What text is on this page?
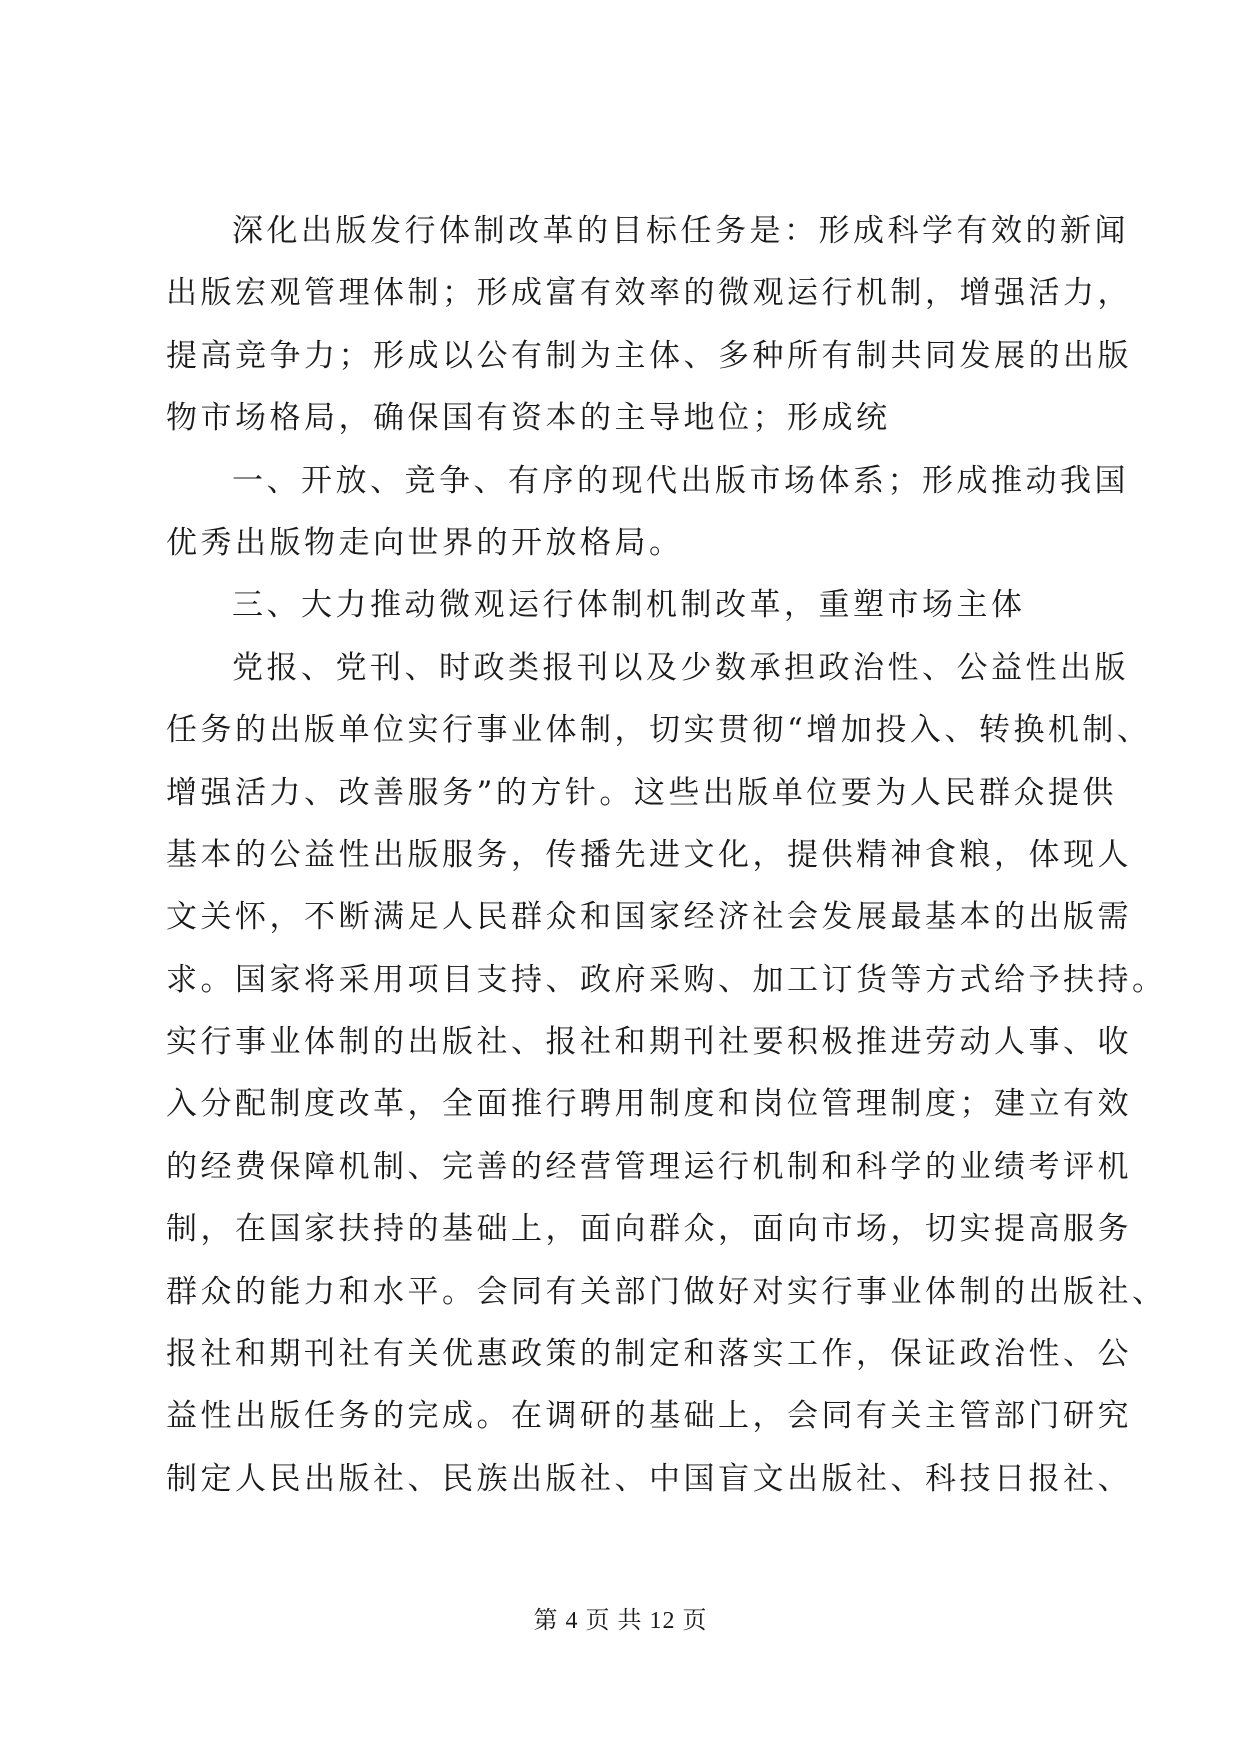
深化出版发行体制改革的目标任务是：形成科学有效的新闻
出版宏观管理体制；形成富有效率的微观运行机制，增强活力，
提高竞争力；形成以公有制为主体、多种所有制共同发展的出版
物市场格局，确保国有资本的主导地位；形成统
一、开放、竞争、有序的现代出版市场体系；形成推动我国
优秀出版物走向世界的开放格局。
三、大力推动微观运行体制机制改革，重塑市场主体
党报、党刊、时政类报刊以及少数承担政治性、公益性出版
任务的出版单位实行事业体制，切实贯彻“增加投入、转换机制、
增强活力、改善服务”的方针。这些出版单位要为人民群众提供
基本的公益性出版服务，传播先进文化，提供精神食粮，体现人
文关怀，不断满足人民群众和国家经济社会发展最基本的出版需
求。国家将采用项目支持、政府采购、加工订货等方式给予扶持。
实行事业体制的出版社、报社和期刊社要积极推进劳动人事、收
入分配制度改革，全面推行聘用制度和岗位管理制度；建立有效
的经费保障机制、完善的经营管理运行机制和科学的业绩考评机
制，在国家扶持的基础上，面向群众，面向市场，切实提高服务
群众的能力和水平。会同有关部门做好对实行事业体制的出版社、
报社和期刊社有关优惠政策的制定和落实工作，保证政治性、公
益性出版任务的完成。在调研的基础上，会同有关主管部门研究
制定人民出版社、民族出版社、中国盲文出版社、科技日报社、
第 4 页 共 12 页
